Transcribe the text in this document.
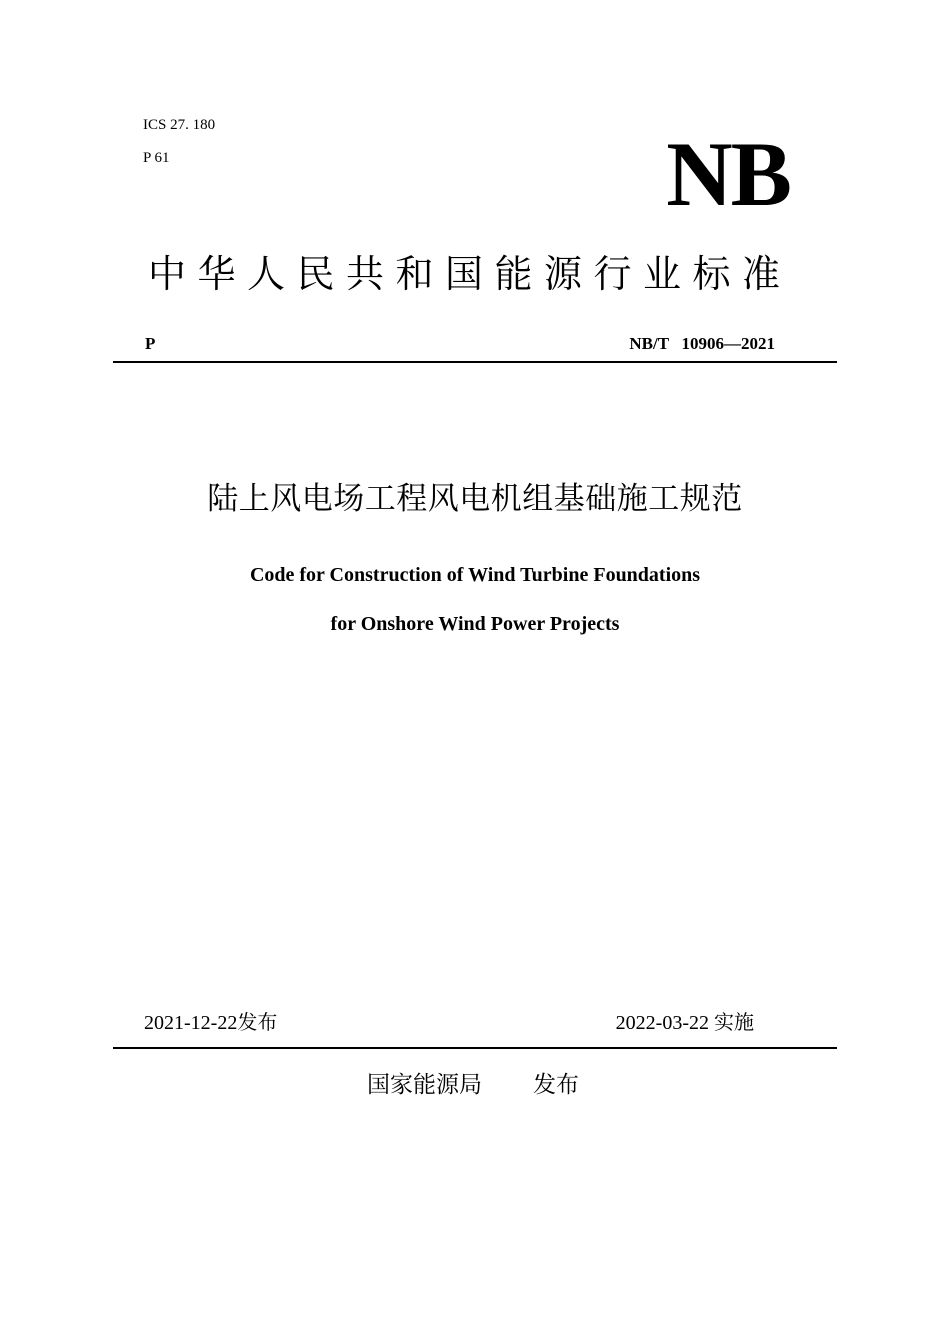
ICS 27. 180
P 61	NB
中华人民共和国能源行业标准
P	NB/T   10906—2021
陆上风电场工程风电机组基础施工规范
Code for Construction of Wind Turbine Foundations
for Onshore Wind Power Projects
2021-12-22发布	2022-03-22 实施
国家能源局 发布
